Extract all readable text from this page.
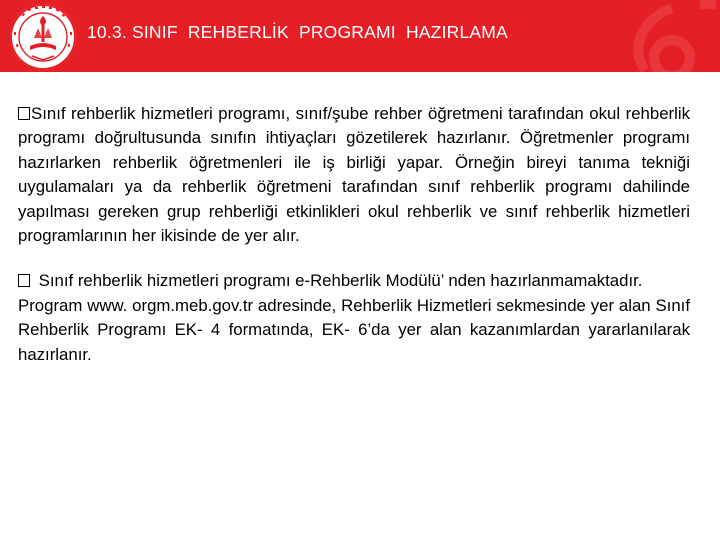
10.3. SINIF  REHBERLİK  PROGRAMI  HAZIRLAMA

Sınıf rehberlik hizmetleri programı, sınıf/şube rehber öğretmeni tarafından okul rehberlik programı doğrultusunda sınıfın ihtiyaçları gözetilerek hazırlanır. Öğretmenler programı hazırlarken rehberlik öğretmenleri ile iş birliği yapar. Örneğin bireyi tanıma tekniği uygulamaları ya da rehberlik öğretmeni tarafından sınıf rehberlik programı dahilinde yapılması gereken grup rehberliği etkinlikleri okul rehberlik ve sınıf rehberlik hizmetleri programlarının her ikisinde de yer alır.

Sınıf rehberlik hizmetleri programı e-Rehberlik Modülü’ nden hazırlanmamaktadır.
Program www. orgm.meb.gov.tr adresinde, Rehberlik Hizmetleri sekmesinde yer alan Sınıf Rehberlik Programı EK- 4 formatında, EK- 6’da yer alan kazanımlardan yararlanılarak hazırlanır.
